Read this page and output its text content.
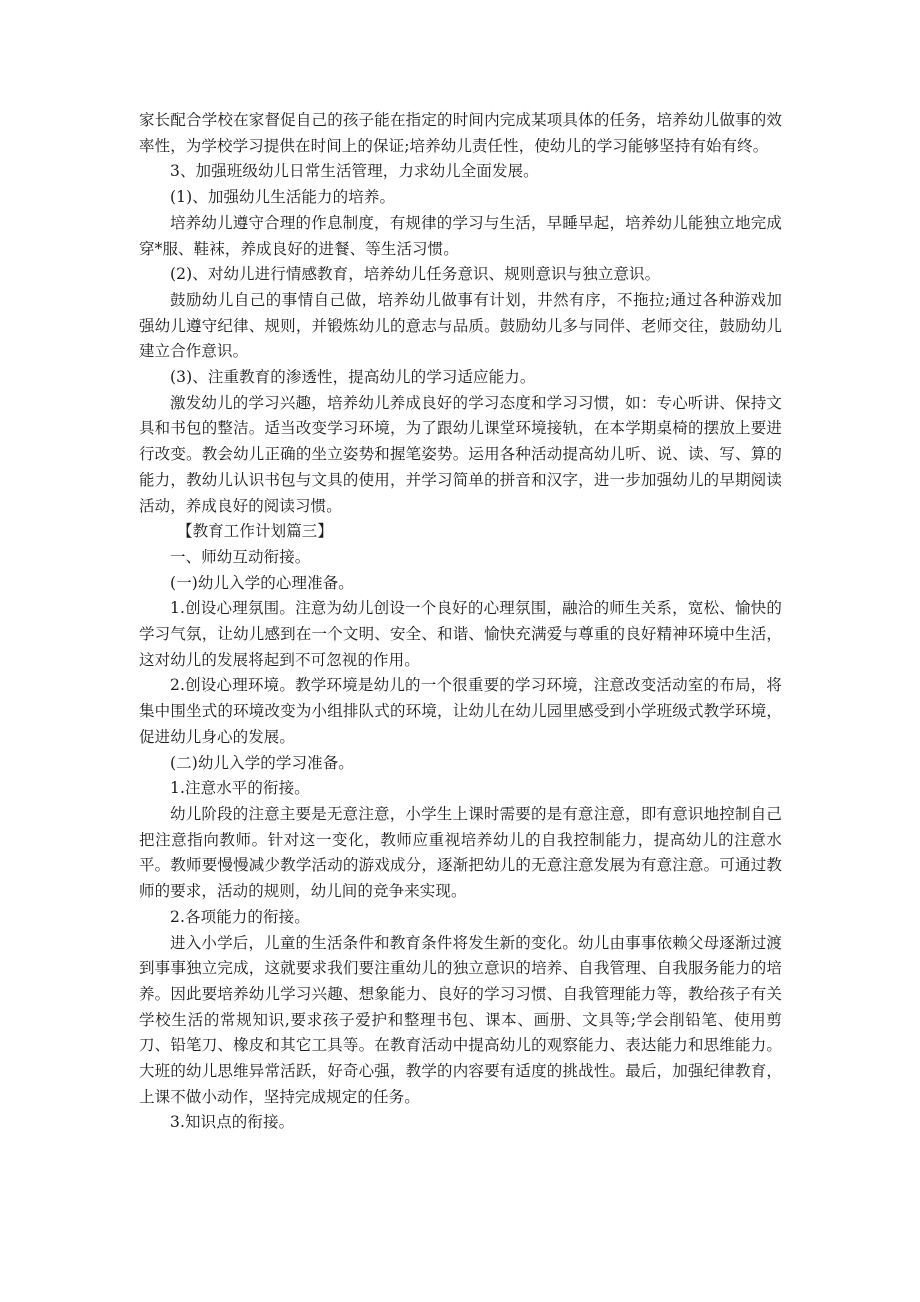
家长配合学校在家督促自己的孩子能在指定的时间内完成某项具体的任务，培养幼儿做事的效率性，为学校学习提供在时间上的保证;培养幼儿责任性，使幼儿的学习能够坚持有始有终。

3、加强班级幼儿日常生活管理，力求幼儿全面发展。

(1)、加强幼儿生活能力的培养。

培养幼儿遵守合理的作息制度，有规律的学习与生活，早睡早起，培养幼儿能独立地完成穿*服、鞋袜，养成良好的进餐、等生活习惯。

(2)、对幼儿进行情感教育，培养幼儿任务意识、规则意识与独立意识。

鼓励幼儿自己的事情自己做，培养幼儿做事有计划，井然有序，不拖拉;通过各种游戏加强幼儿遵守纪律、规则，并锻炼幼儿的意志与品质。鼓励幼儿多与同伴、老师交往，鼓励幼儿建立合作意识。

(3)、注重教育的渗透性，提高幼儿的学习适应能力。

激发幼儿的学习兴趣，培养幼儿养成良好的学习态度和学习习惯，如：专心听讲、保持文具和书包的整洁。适当改变学习环境，为了跟幼儿课堂环境接轨，在本学期桌椅的摆放上要进行改变。教会幼儿正确的坐立姿势和握笔姿势。运用各种活动提高幼儿听、说、读、写、算的能力，教幼儿认识书包与文具的使用，并学习简单的拼音和汉字，进一步加强幼儿的早期阅读活动，养成良好的阅读习惯。

【教育工作计划篇三】

一、师幼互动衔接。

(一)幼儿入学的心理准备。

1.创设心理氛围。注意为幼儿创设一个良好的心理氛围，融洽的师生关系，宽松、愉快的学习气氛，让幼儿感到在一个文明、安全、和谐、愉快充满爱与尊重的良好精神环境中生活，这对幼儿的发展将起到不可忽视的作用。

2.创设心理环境。教学环境是幼儿的一个很重要的学习环境，注意改变活动室的布局，将集中围坐式的环境改变为小组排队式的环境，让幼儿在幼儿园里感受到小学班级式教学环境，促进幼儿身心的发展。

(二)幼儿入学的学习准备。

1.注意水平的衔接。

幼儿阶段的注意主要是无意注意，小学生上课时需要的是有意注意，即有意识地控制自己把注意指向教师。针对这一变化，教师应重视培养幼儿的自我控制能力，提高幼儿的注意水平。教师要慢慢减少教学活动的游戏成分，逐渐把幼儿的无意注意发展为有意注意。可通过教师的要求，活动的规则，幼儿间的竞争来实现。

2.各项能力的衔接。

进入小学后，儿童的生活条件和教育条件将发生新的变化。幼儿由事事依赖父母逐渐过渡到事事独立完成，这就要求我们要注重幼儿的独立意识的培养、自我管理、自我服务能力的培养。因此要培养幼儿学习兴趣、想象能力、良好的学习习惯、自我管理能力等，教给孩子有关学校生活的常规知识,要求孩子爱护和整理书包、课本、画册、文具等;学会削铅笔、使用剪刀、铅笔刀、橡皮和其它工具等。在教育活动中提高幼儿的观察能力、表达能力和思维能力。大班的幼儿思维异常活跃，好奇心强，教学的内容要有适度的挑战性。最后，加强纪律教育，上课不做小动作，坚持完成规定的任务。

3.知识点的衔接。
